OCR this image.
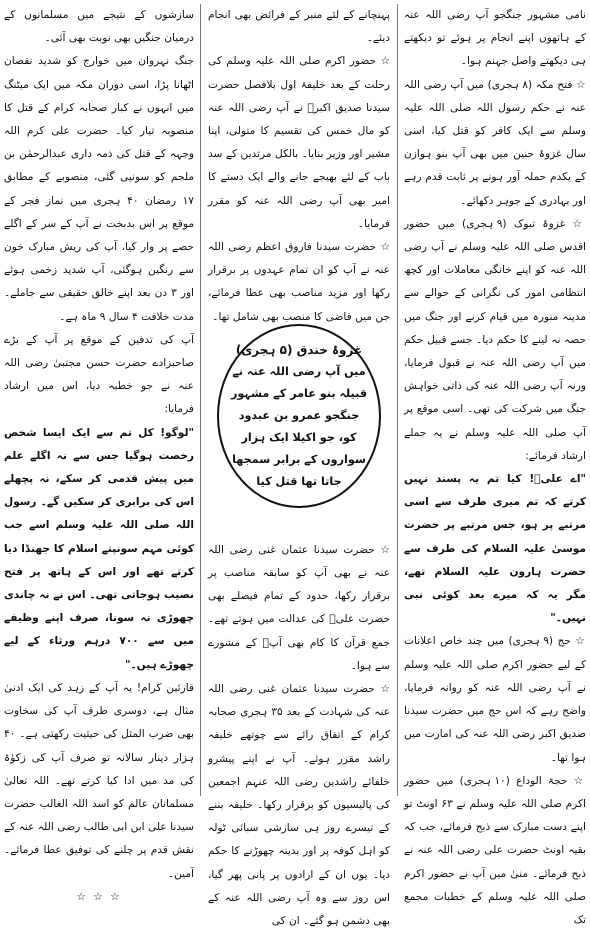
نامی مشہور جنگجو آپ رضی اللہ عنہ کے ہاتھوں اپنے انجام پر ہوئے تو دیکھتے ہی دیکھتے واصل جہنم ہوا۔

☆ فتح مکہ (۸ ہجری) میں آپ رضی اللہ عنہ نے حکم رسول اللہ صلی اللہ علیہ وسلم سے ایک کافر کو قتل کیا، اسی سال غزوۂ حنین میں بھی آپ بنو ہوازن کے یکدم حملہ آور ہونے پر ثابت قدم رہے اور بہادری کے جوہر دکھائے۔

☆ غزوۂ تبوک (۹ ہجری) میں حضور اقدس صلی اللہ علیہ وسلم نے آپ رضی اللہ عنہ کو اپنے خانگی معاملات اور کچھ انتظامی امور کی نگرانی کے حوالے سے مدینہ منورہ میں قیام کرنے اور جنگ میں حصہ نہ لینے کا حکم دیا۔ جسے قبیل حکم میں آپ رضی اللہ عنہ نے قبول فرمایا، ورنہ آپ رضی اللہ عنہ کی ذاتی خواہش جنگ میں شرکت کی تھی۔ اسی موقع پر آپ صلی اللہ علیہ وسلم نے یہ جملے ارشاد فرمائے:

"اے علیؓ! کیا تم یہ پسند نہیں کرتے کہ تم میری طرف سے اسی مرتبے پر ہو، جس مرتبے پر حضرت موسیٰ علیہ السلام کی طرف سے حضرت ہارون علیہ السلام تھے، مگر یہ کہ میرے بعد کوئی نبی نہیں۔"

☆ حج (۹ ہجری) میں چند خاص اعلانات کے لیے حضور اکرم صلی اللہ علیہ وسلم نے آپ رضی اللہ عنہ کو روانہ فرمایا، واضح رہے کہ اس حج میں حضرت سیدنا صدیق اکبر رضی اللہ عنہ کی امارت میں ہوا تھا۔

☆ حجۃ الوداع (۱۰ ہجری) میں حضور اکرم صلی اللہ علیہ وسلم نے ۶۳ اونٹ تو اپنے دست مبارک سے ذبح فرمائے، جب کہ بقیہ اونٹ حضرت علی رضی اللہ عنہ نے ذبح فرمائے۔ منیٰ میں آپ نے حضور اکرم صلی اللہ علیہ وسلم کے خطبات مجمع تک

پہنچانے کے لئے منبر کے فرائض بھی انجام دیئے۔

☆ حضور اکرم صلی اللہ علیہ وسلم کی رحلت کے بعد خلیفۂ اول بلافصل حضرت سیدنا صدیق اکبرؓ نے آپ رضی اللہ عنہ کو مال خمس کی تقسیم کا متولی، اپنا مشیر اور وزیر بنایا۔ بالکل مرتدین کے سد باب کے لئے بھیجے جانے والے ایک دستے کا امیر بھی آپ رضی اللہ عنہ کو مقرر فرمایا۔

☆ حضرت سیدنا فاروق اعظم رضی اللہ عنہ نے آپ کو ان تمام عہدوں پر برقرار رکھا اور مزید مناصب بھی عطا فرمائے، جن میں قاضی کا منصب بھی شامل تھا۔

☆ حضرت سیدنا عثمان غنی رضی اللہ عنہ نے بھی آپ کو سابقہ مناصب پر برقرار رکھا، حدود کے تمام فیصلے بھی حضرت علیؓ کی عدالت میں ہوتے تھے۔ جمع قرآن کا کام بھی آپؓ کے مشورے سے ہوا۔

☆ حضرت سیدنا عثمان غنی رضی اللہ عنہ کی شہادت کے بعد ۳۵ ہجری صحابہ کرام کے اتفاق رائے سے چوتھے خلیفہ راشد مقرر ہوئے۔ آپ نے اپنے پیشرو خلفائے راشدین رضی اللہ عنہم اجمعین کی پالیسیوں کو برقرار رکھا۔ خلیفہ بننے کے تیسرے روز ہی سازشی سبائی ٹولہ کو اہل کوفہ پر اور بدینہ چھوڑنے کا حکم دیا۔ یوں ان کے ارادوں پر پانی پھر گیا، اس روز سے وہ آپ رضی اللہ عنہ کے بھی دشمن ہو گئے۔ ان کی

سازشوں کے نتیجے میں مسلمانوں کے درمیان جنگیں بھی نوبت بھی آئی۔

جنگ نہروان میں خوارج کو شدید نقصان اٹھانا پڑا، اسی دوران مکہ میں ایک میٹنگ میں انہوں نے کبار صحابہ کرام کے قتل کا منصوبہ تیار کیا۔ حضرت علی کرم اللہ وجہہ کے قتل کی ذمہ داری عبدالرحمٰن بن ملجم کو سونپی گئی، منصوبے کے مطابق ۱۷ رمضان ۴۰ ہجری میں نماز فجر کے موقع پر اس بدبخت نے آپ کے سر کے اگلے حصے پر وار کیا، آپ کی ریش مبارک خون سے رنگین ہوگئی، آپ شدید زخمی ہوئے اور ۳ دن بعد اپنے خالق حقیقی سے جاملے۔ مدت خلافت ۴ سال ۹ ماہ ہے۔

آپ کی تدفین کے موقع پر آپ کے بڑے صاحبزادے حضرت حسن مجتبیٰ رضی اللہ عنہ نے جو خطبہ دیا، اس میں ارشاد فرمایا:

"لوگو! کل تم سے ایک ایسا شخص رخصت ہوگیا جس سے نہ اگلے علم میں پیش قدمی کر سکے، نہ پچھلے اس کی برابری کر سکیں گے۔ رسول اللہ صلی اللہ علیہ وسلم اسے جب کوئی مہم سونپتے اسلام کا جھنڈا دیا کرتے تھے اور اس کے ہاتھ پر فتح نصیب ہوجاتی تھی۔ اس نے نہ چاندی چھوڑی نہ سونا، صرف اپنے وظیفے میں سے ۷۰۰ درہم ورثاء کے لیے چھوڑے ہیں۔"

قارئین کرام! یہ آپ کے زہد کی ایک ادنیٰ مثال ہے، دوسری طرف آپ کی سخاوت بھی ضرب المثل کی حیثیت رکھتی ہے۔ ۴۰ ہزار دینار سالانہ تو صرف آپ کی زکوٰۃ کی مد میں ادا کیا کرتے تھے۔ اللہ تعالیٰ مسلمانان عالم کو اسد اللہ الغالب حضرت سیدنا علی ابن ابی طالب رضی اللہ عنہ کے نقش قدم پر چلنے کی توفیق عطا فرمائے۔ آمین۔

☆ ☆ ☆

غزوۂ خندق (۵ ہجری)
میں آپ رضی اللہ عنہ نے قبیلہ بنو عامر کے مشہور جنگجو عمرو بن عبدود کو، جو اکیلا ایک ہزار سواروں کے برابر سمجھا جاتا تھا قتل کیا
